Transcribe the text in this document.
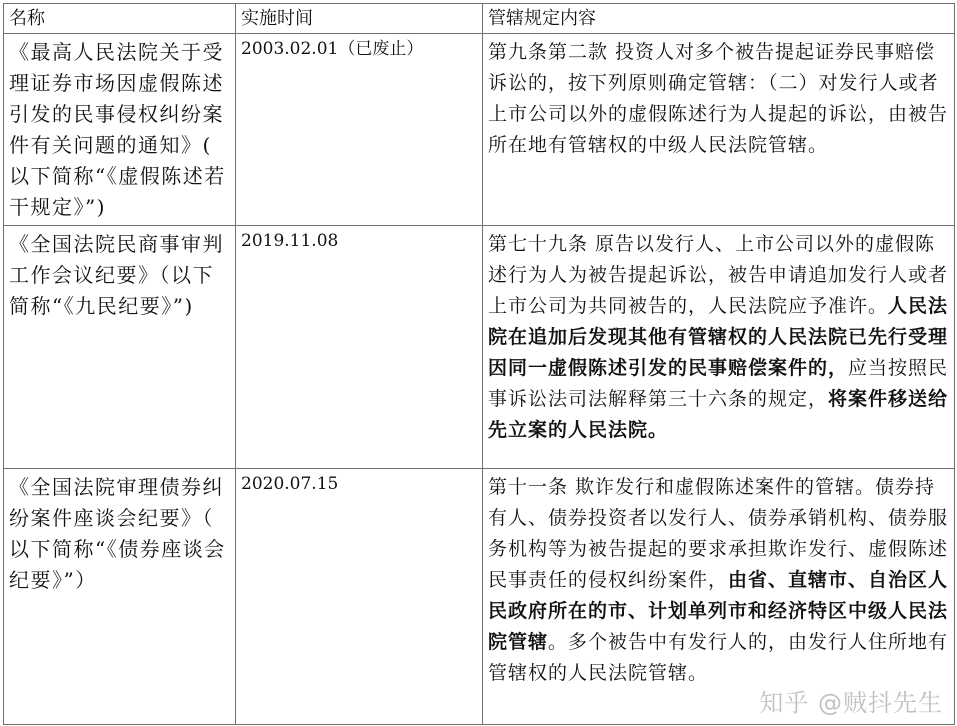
名称	实施时间	管辖规定内容
《最高人民法院关于受理证券市场因虚假陈述引发的民事侵权纠纷案件有关问题的通知》(以下简称“《虚假陈述若干规定》”)	2003.02.01（已废止）	第九条第二款 投资人对多个被告提起证券民事赔偿诉讼的，按下列原则确定管辖：（二）对发行人或者上市公司以外的虚假陈述行为人提起的诉讼，由被告所在地有管辖权的中级人民法院管辖。
《全国法院民商事审判工作会议纪要》（以下简称“《九民纪要》”)	2019.11.08	第七十九条 原告以发行人、上市公司以外的虚假陈述行为人为被告提起诉讼，被告申请追加发行人或者上市公司为共同被告的，人民法院应予准许。人民法院在追加后发现其他有管辖权的人民法院已先行受理因同一虚假陈述引发的民事赔偿案件的，应当按照民事诉讼法司法解释第三十六条的规定，将案件移送给先立案的人民法院。
《全国法院审理债券纠纷案件座谈会纪要》（以下简称“《债券座谈会纪要》”）	2020.07.15	第十一条 欺诈发行和虚假陈述案件的管辖。债券持有人、债券投资者以发行人、债券承销机构、债券服务机构等为被告提起的要求承担欺诈发行、虚假陈述民事责任的侵权纠纷案件，由省、直辖市、自治区人民政府所在的市、计划单列市和经济特区中级人民法院管辖。多个被告中有发行人的，由发行人住所地有管辖权的人民法院管辖。
知乎 @贼抖先生
